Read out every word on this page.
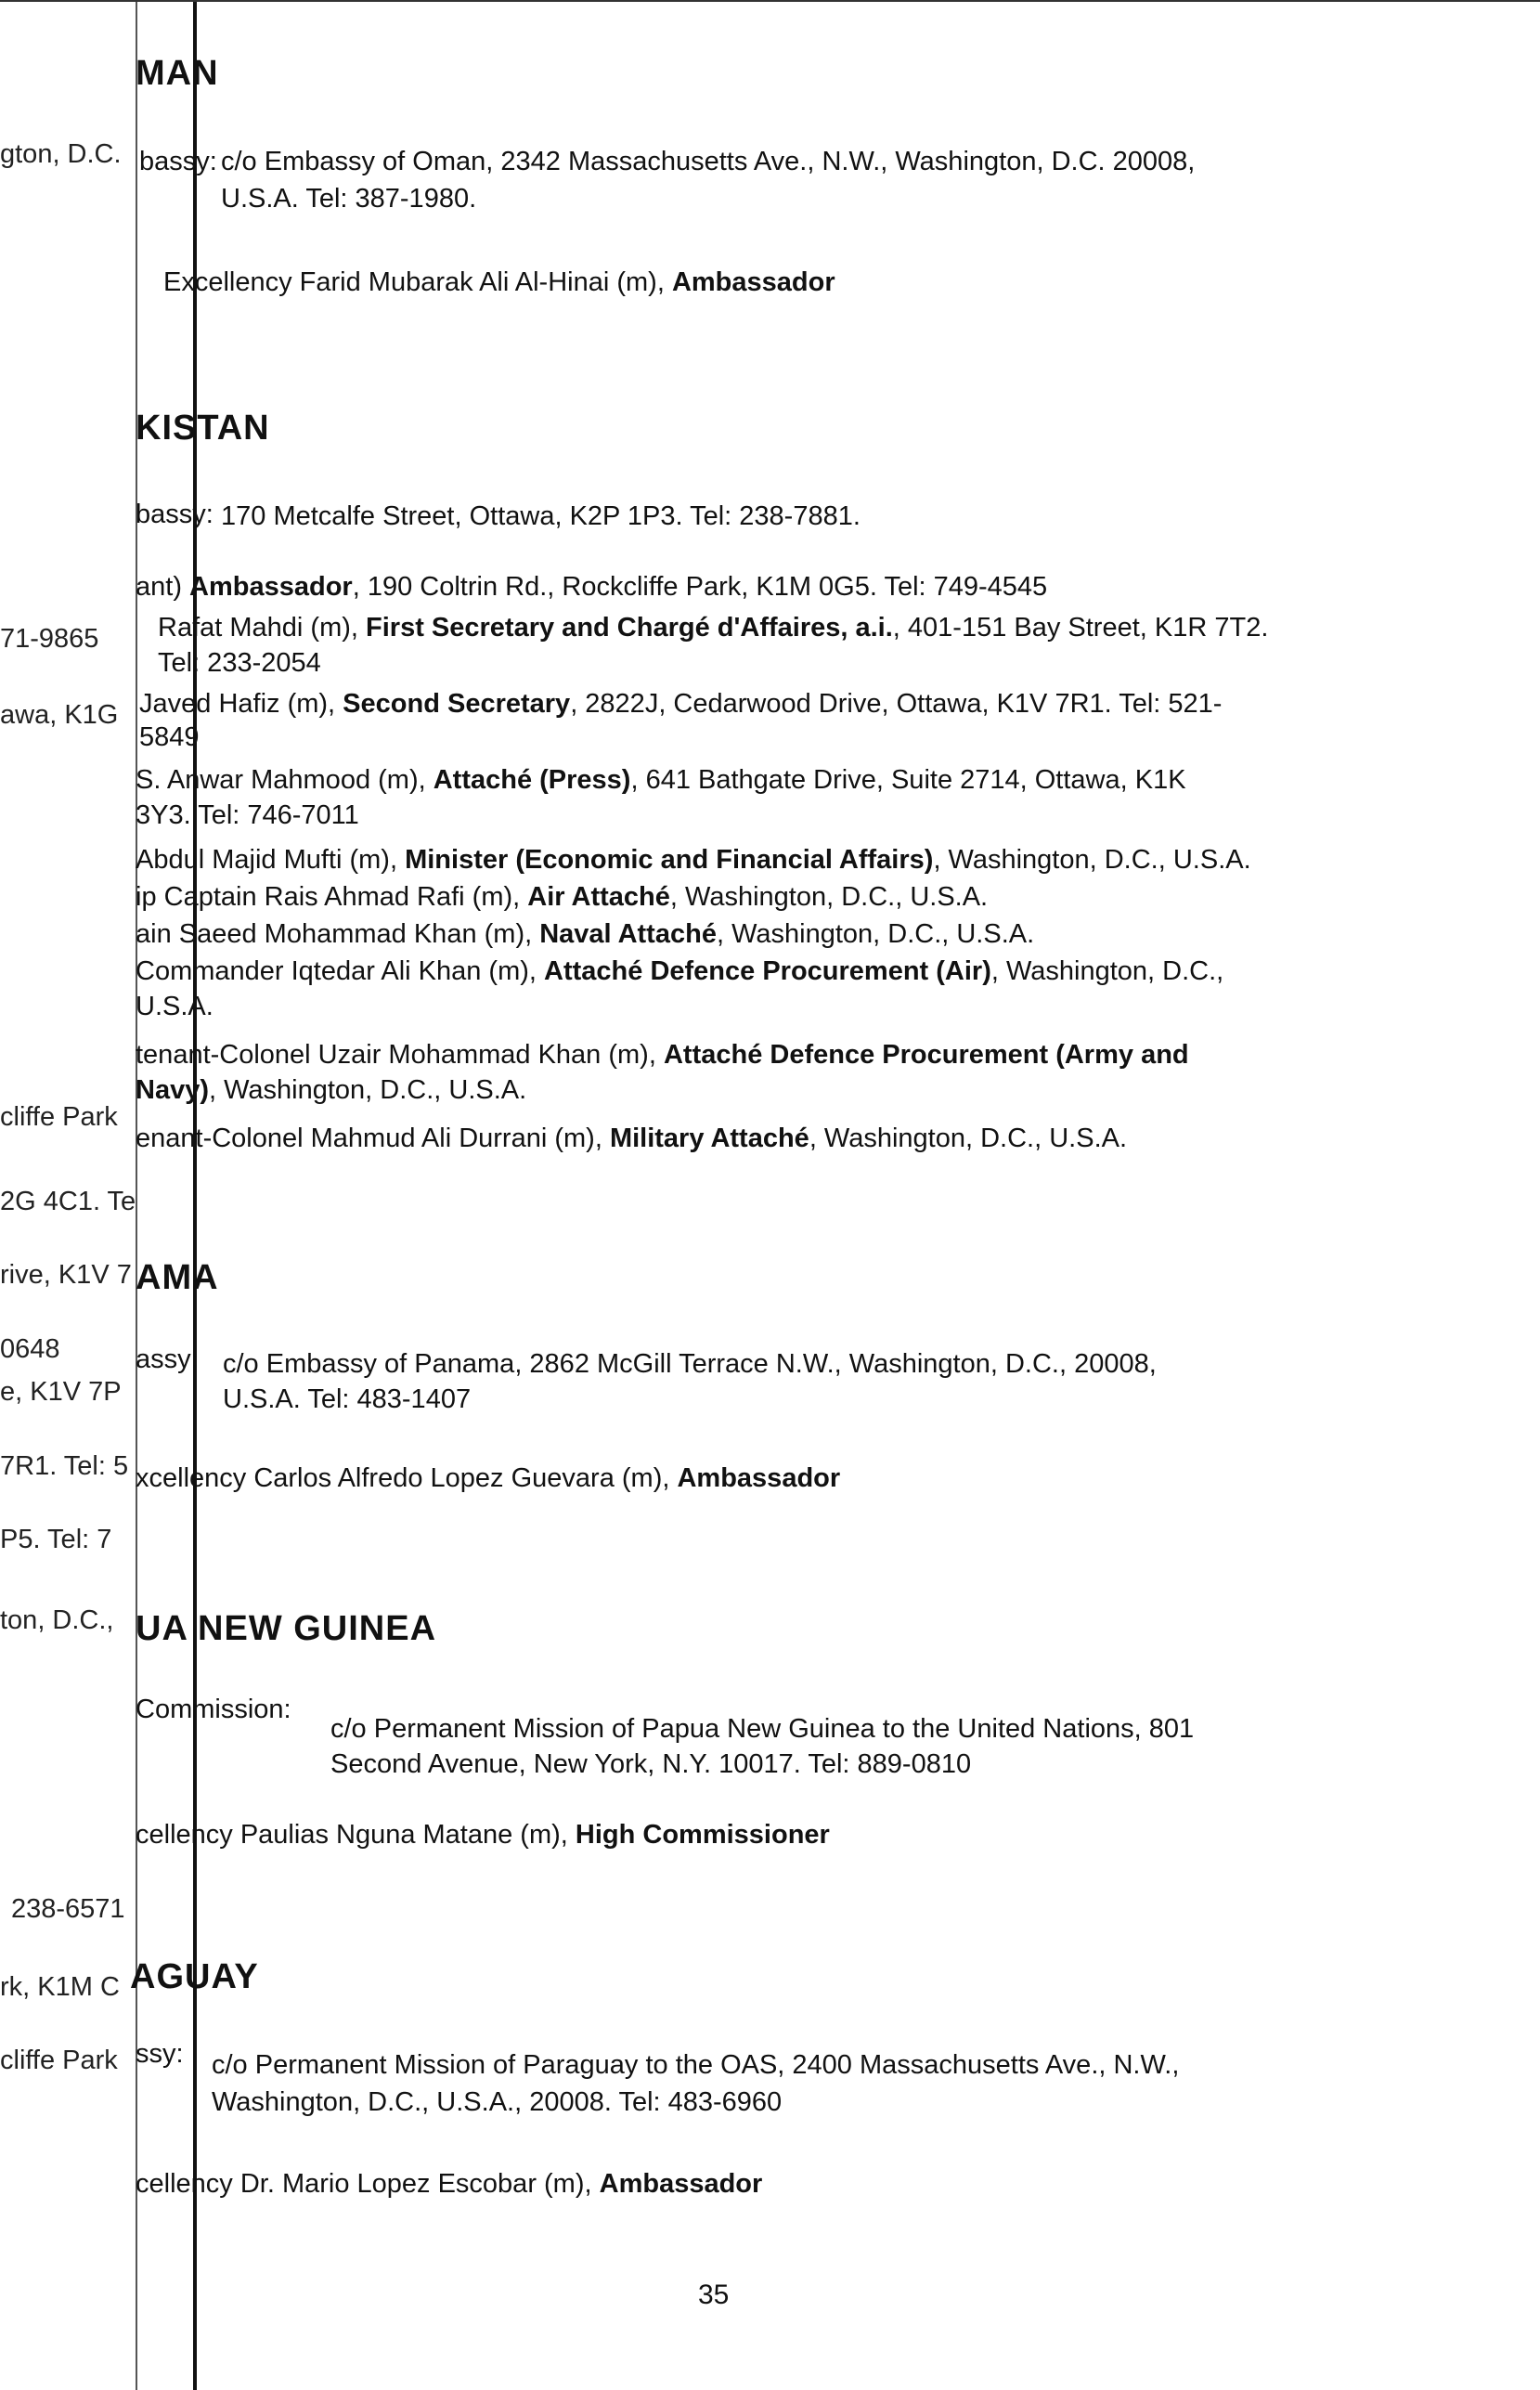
gton, D.C.
71-9865
awa, K1G
cliffe Park
2G 4C1. Te
rive, K1V 7
0648
e, K1V 7P
7R1. Tel: 5
P5. Tel: 7
ton, D.C.,
238-6571
rk, K1M C
cliffe Park
MAN
bassy: c/o Embassy of Oman, 2342 Massachusetts Ave., N.W., Washington, D.C. 20008,
U.S.A. Tel: 387-1980.
Excellency Farid Mubarak Ali Al-Hinai (m), Ambassador
KISTAN
bassy: 170 Metcalfe Street, Ottawa, K2P 1P3. Tel: 238-7881.
ant) Ambassador, 190 Coltrin Rd., Rockcliffe Park, K1M 0G5. Tel: 749-4545
Rafat Mahdi (m), First Secretary and Chargé d'Affaires, a.i., 401-151 Bay Street, K1R 7T2.
Tel: 233-2054
Javed Hafiz (m), Second Secretary, 2822J, Cedarwood Drive, Ottawa, K1V 7R1. Tel: 521-
5849
S. Anwar Mahmood (m), Attaché (Press), 641 Bathgate Drive, Suite 2714, Ottawa, K1K
3Y3. Tel: 746-7011
Abdul Majid Mufti (m), Minister (Economic and Financial Affairs), Washington, D.C., U.S.A.
ip Captain Rais Ahmad Rafi (m), Air Attaché, Washington, D.C., U.S.A.
ain Saeed Mohammad Khan (m), Naval Attaché, Washington, D.C., U.S.A.
Commander Iqtedar Ali Khan (m), Attaché Defence Procurement (Air), Washington, D.C.,
U.S.A.
tenant-Colonel Uzair Mohammad Khan (m), Attaché Defence Procurement (Army and
Navy), Washington, D.C., U.S.A.
enant-Colonel Mahmud Ali Durrani (m), Military Attaché, Washington, D.C., U.S.A.
AMA
assy: c/o Embassy of Panama, 2862 McGill Terrace N.W., Washington, D.C., 20008,
U.S.A. Tel: 483-1407
xcellency Carlos Alfredo Lopez Guevara (m), Ambassador
UA NEW GUINEA
Commission:
c/o Permanent Mission of Papua New Guinea to the United Nations, 801
Second Avenue, New York, N.Y. 10017. Tel: 889-0810
cellency Paulias Nguna Matane (m), High Commissioner
AGUAY
ssy: c/o Permanent Mission of Paraguay to the OAS, 2400 Massachusetts Ave., N.W.,
Washington, D.C., U.S.A., 20008. Tel: 483-6960
cellency Dr. Mario Lopez Escobar (m), Ambassador
35
